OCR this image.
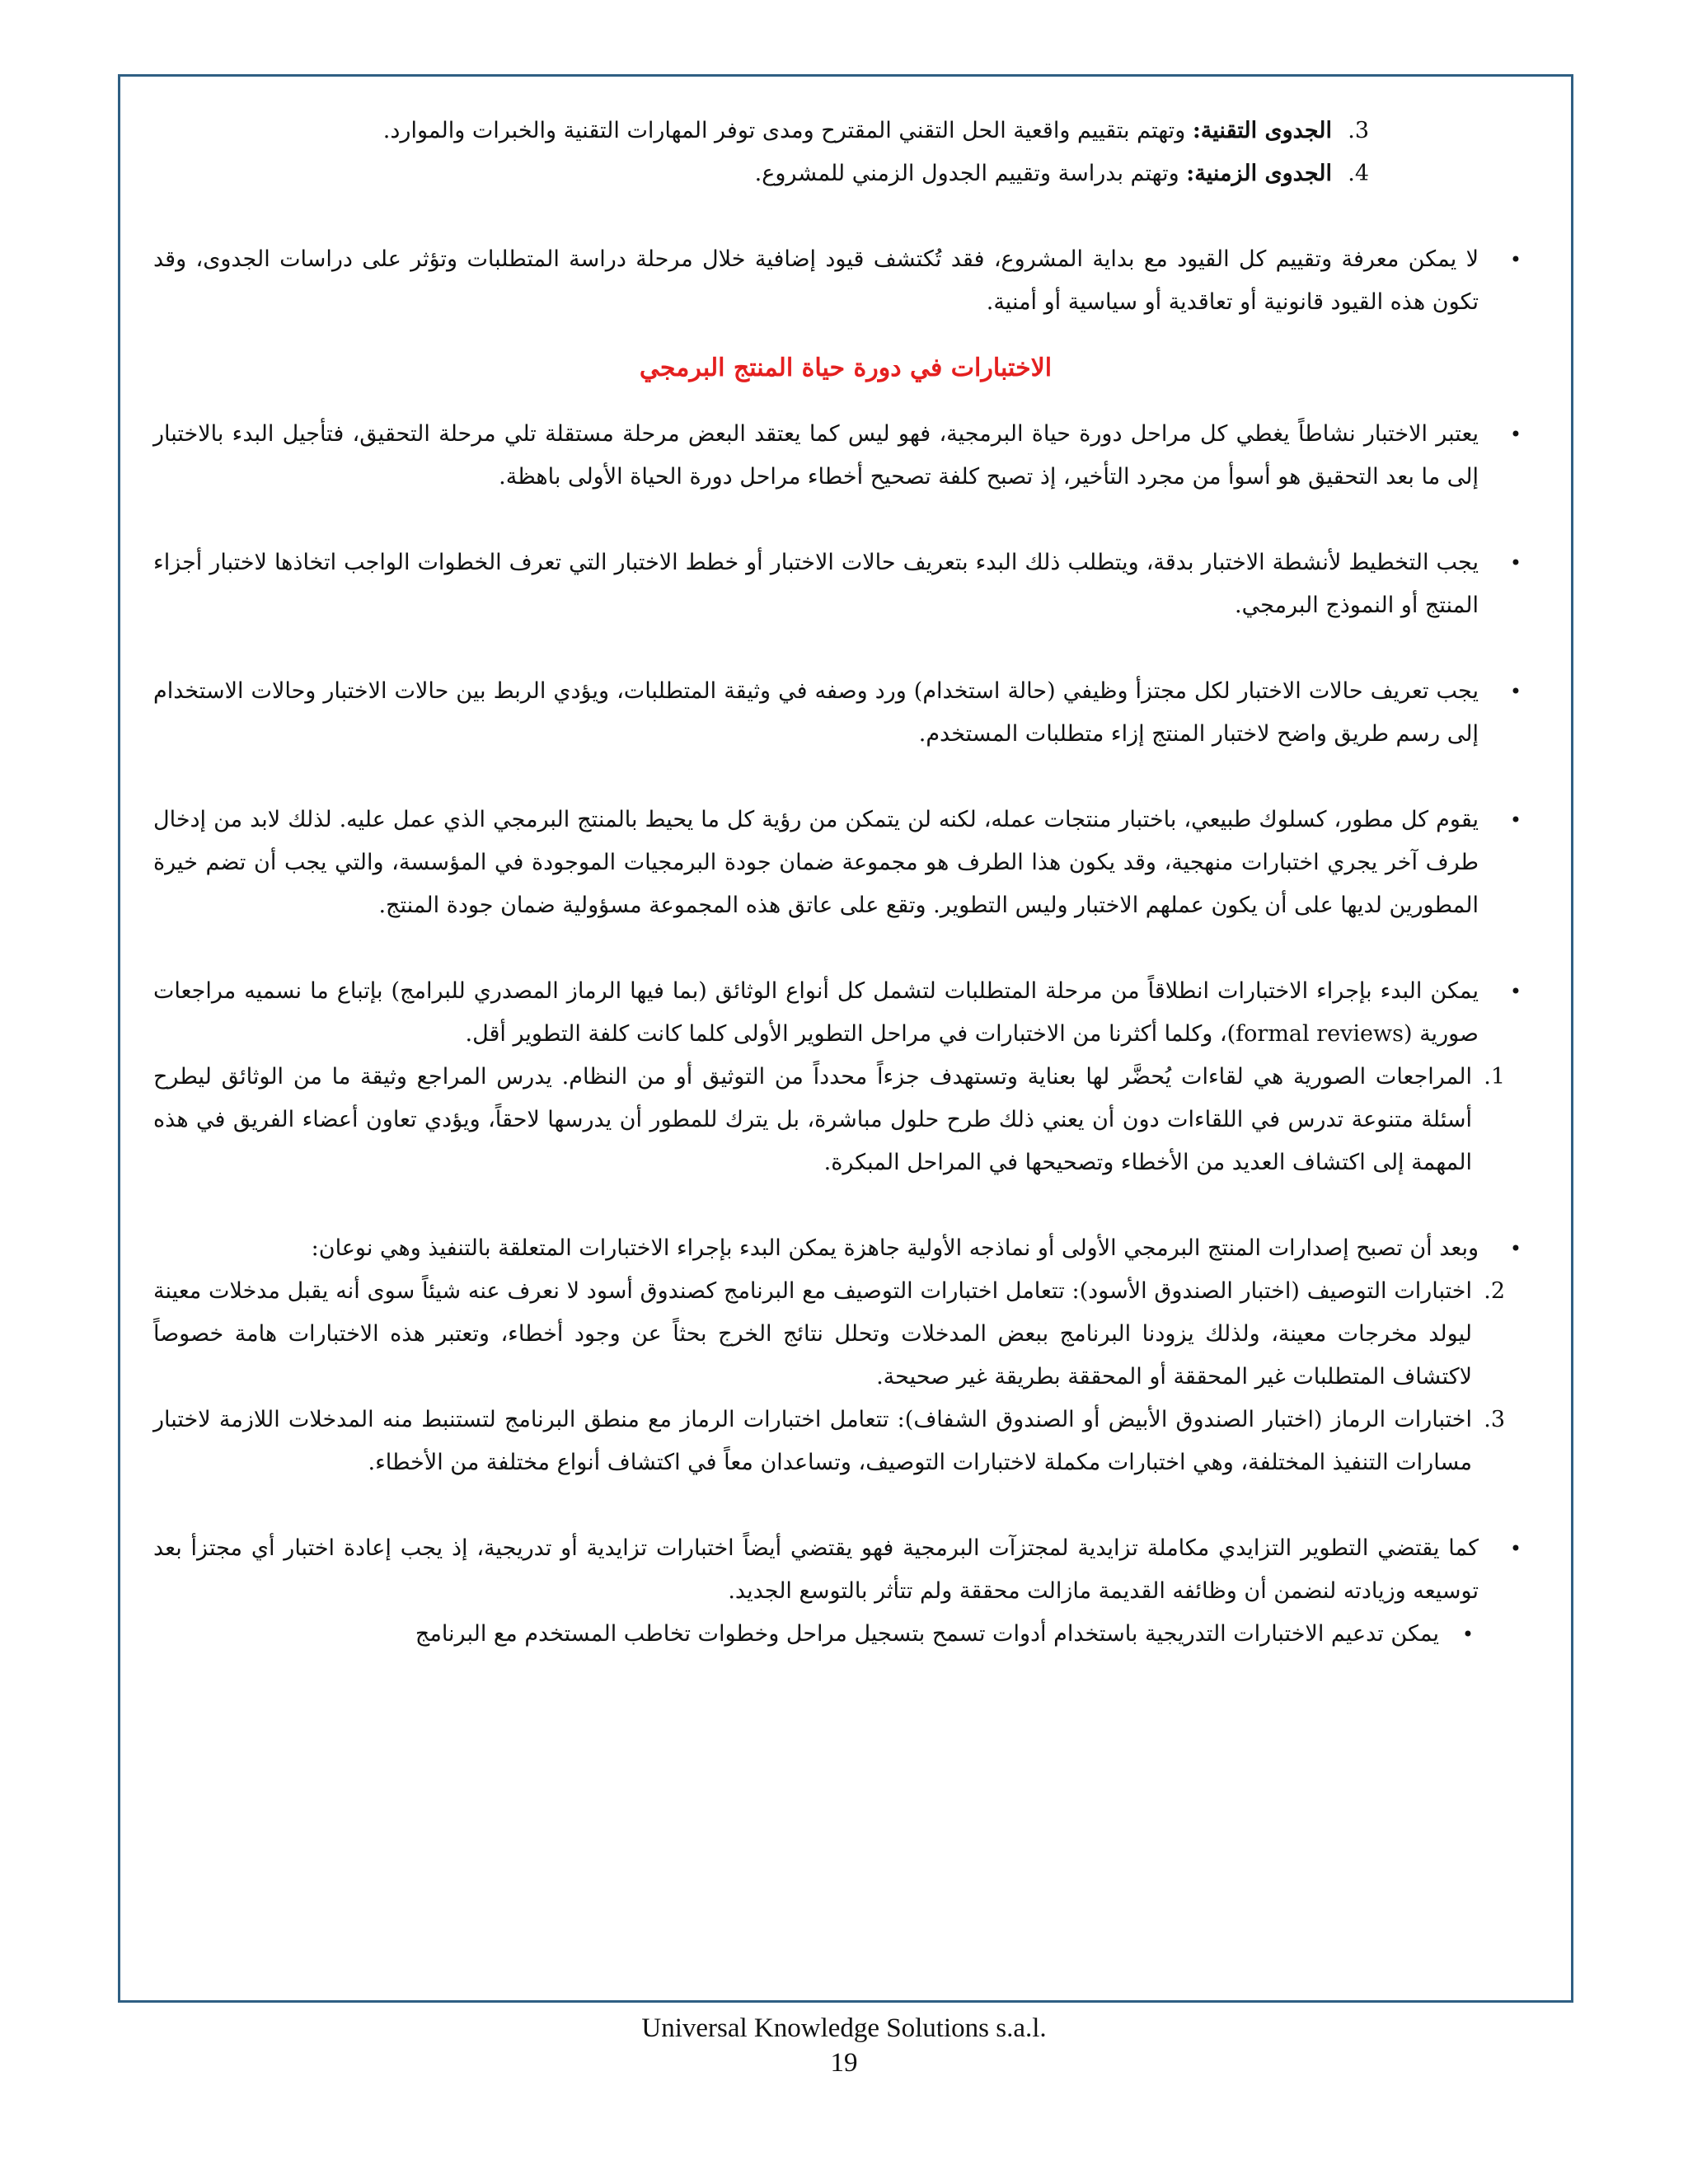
3.
الجدوى التقنية: وتهتم بتقييم واقعية الحل التقني المقترح ومدى توفر المهارات التقنية والخبرات والموارد.
4.
الجدوى الزمنية: وتهتم بدراسة وتقييم الجدول الزمني للمشروع.
•
لا يمكن معرفة وتقييم كل القيود مع بداية المشروع، فقد تُكتشف قيود إضافية خلال مرحلة دراسة المتطلبات وتؤثر على دراسات الجدوى، وقد تكون هذه القيود قانونية أو تعاقدية أو سياسية أو أمنية.
الاختبارات في دورة حياة المنتج البرمجي
•
يعتبر الاختبار نشاطاً يغطي كل مراحل دورة حياة البرمجية، فهو ليس كما يعتقد البعض مرحلة مستقلة تلي مرحلة التحقيق، فتأجيل البدء بالاختبار إلى ما بعد التحقيق هو أسوأ من مجرد التأخير، إذ تصبح كلفة تصحيح أخطاء مراحل دورة الحياة الأولى باهظة.
•
يجب التخطيط لأنشطة الاختبار بدقة، ويتطلب ذلك البدء بتعريف حالات الاختبار أو خطط الاختبار التي تعرف الخطوات الواجب اتخاذها لاختبار أجزاء المنتج أو النموذج البرمجي.
•
يجب تعريف حالات الاختبار لكل مجتزأ وظيفي (حالة استخدام) ورد وصفه في وثيقة المتطلبات، ويؤدي الربط بين حالات الاختبار وحالات الاستخدام إلى رسم طريق واضح لاختبار المنتج إزاء متطلبات المستخدم.
•
يقوم كل مطور، كسلوك طبيعي، باختبار منتجات عمله، لكنه لن يتمكن من رؤية كل ما يحيط بالمنتج البرمجي الذي عمل عليه. لذلك لابد من إدخال طرف آخر يجري اختبارات منهجية، وقد يكون هذا الطرف هو مجموعة ضمان جودة البرمجيات الموجودة في المؤسسة، والتي يجب أن تضم خيرة المطورين لديها على أن يكون عملهم الاختبار وليس التطوير. وتقع على عاتق هذه المجموعة مسؤولية ضمان جودة المنتج.
•
يمكن البدء بإجراء الاختبارات انطلاقاً من مرحلة المتطلبات لتشمل كل أنواع الوثائق (بما فيها الرماز المصدري للبرامج) بإتباع ما نسميه مراجعات صورية (formal reviews)، وكلما أكثرنا من الاختبارات في مراحل التطوير الأولى كلما كانت كلفة التطوير أقل.
1.
المراجعات الصورية هي لقاءات يُحضَّر لها بعناية وتستهدف جزءاً محدداً من التوثيق أو من النظام. يدرس المراجع وثيقة ما من الوثائق ليطرح أسئلة متنوعة تدرس في اللقاءات دون أن يعني ذلك طرح حلول مباشرة، بل يترك للمطور أن يدرسها لاحقاً، ويؤدي تعاون أعضاء الفريق في هذه المهمة إلى اكتشاف العديد من الأخطاء وتصحيحها في المراحل المبكرة.
•
وبعد أن تصبح إصدارات المنتج البرمجي الأولى أو نماذجه الأولية جاهزة يمكن البدء بإجراء الاختبارات المتعلقة بالتنفيذ وهي نوعان:
2.
اختبارات التوصيف (اختبار الصندوق الأسود): تتعامل اختبارات التوصيف مع البرنامج كصندوق أسود لا نعرف عنه شيئاً سوى أنه يقبل مدخلات معينة ليولد مخرجات معينة، ولذلك يزودنا البرنامج ببعض المدخلات وتحلل نتائج الخرج بحثاً عن وجود أخطاء، وتعتبر هذه الاختبارات هامة خصوصاً لاكتشاف المتطلبات غير المحققة أو المحققة بطريقة غير صحيحة.
3.
اختبارات الرماز (اختبار الصندوق الأبيض أو الصندوق الشفاف): تتعامل اختبارات الرماز مع منطق البرنامج لتستنبط منه المدخلات اللازمة لاختبار مسارات التنفيذ المختلفة، وهي اختبارات مكملة لاختبارات التوصيف، وتساعدان معاً في اكتشاف أنواع مختلفة من الأخطاء.
•
كما يقتضي التطوير التزايدي مكاملة تزايدية لمجتزآت البرمجية فهو يقتضي أيضاً اختبارات تزايدية أو تدريجية، إذ يجب إعادة اختبار أي مجتزأ بعد توسيعه وزيادته لنضمن أن وظائفه القديمة مازالت محققة ولم تتأثر بالتوسع الجديد.
•
يمكن تدعيم الاختبارات التدريجية باستخدام أدوات تسمح بتسجيل مراحل وخطوات تخاطب المستخدم مع البرنامج
Universal Knowledge Solutions s.a.l.
19
